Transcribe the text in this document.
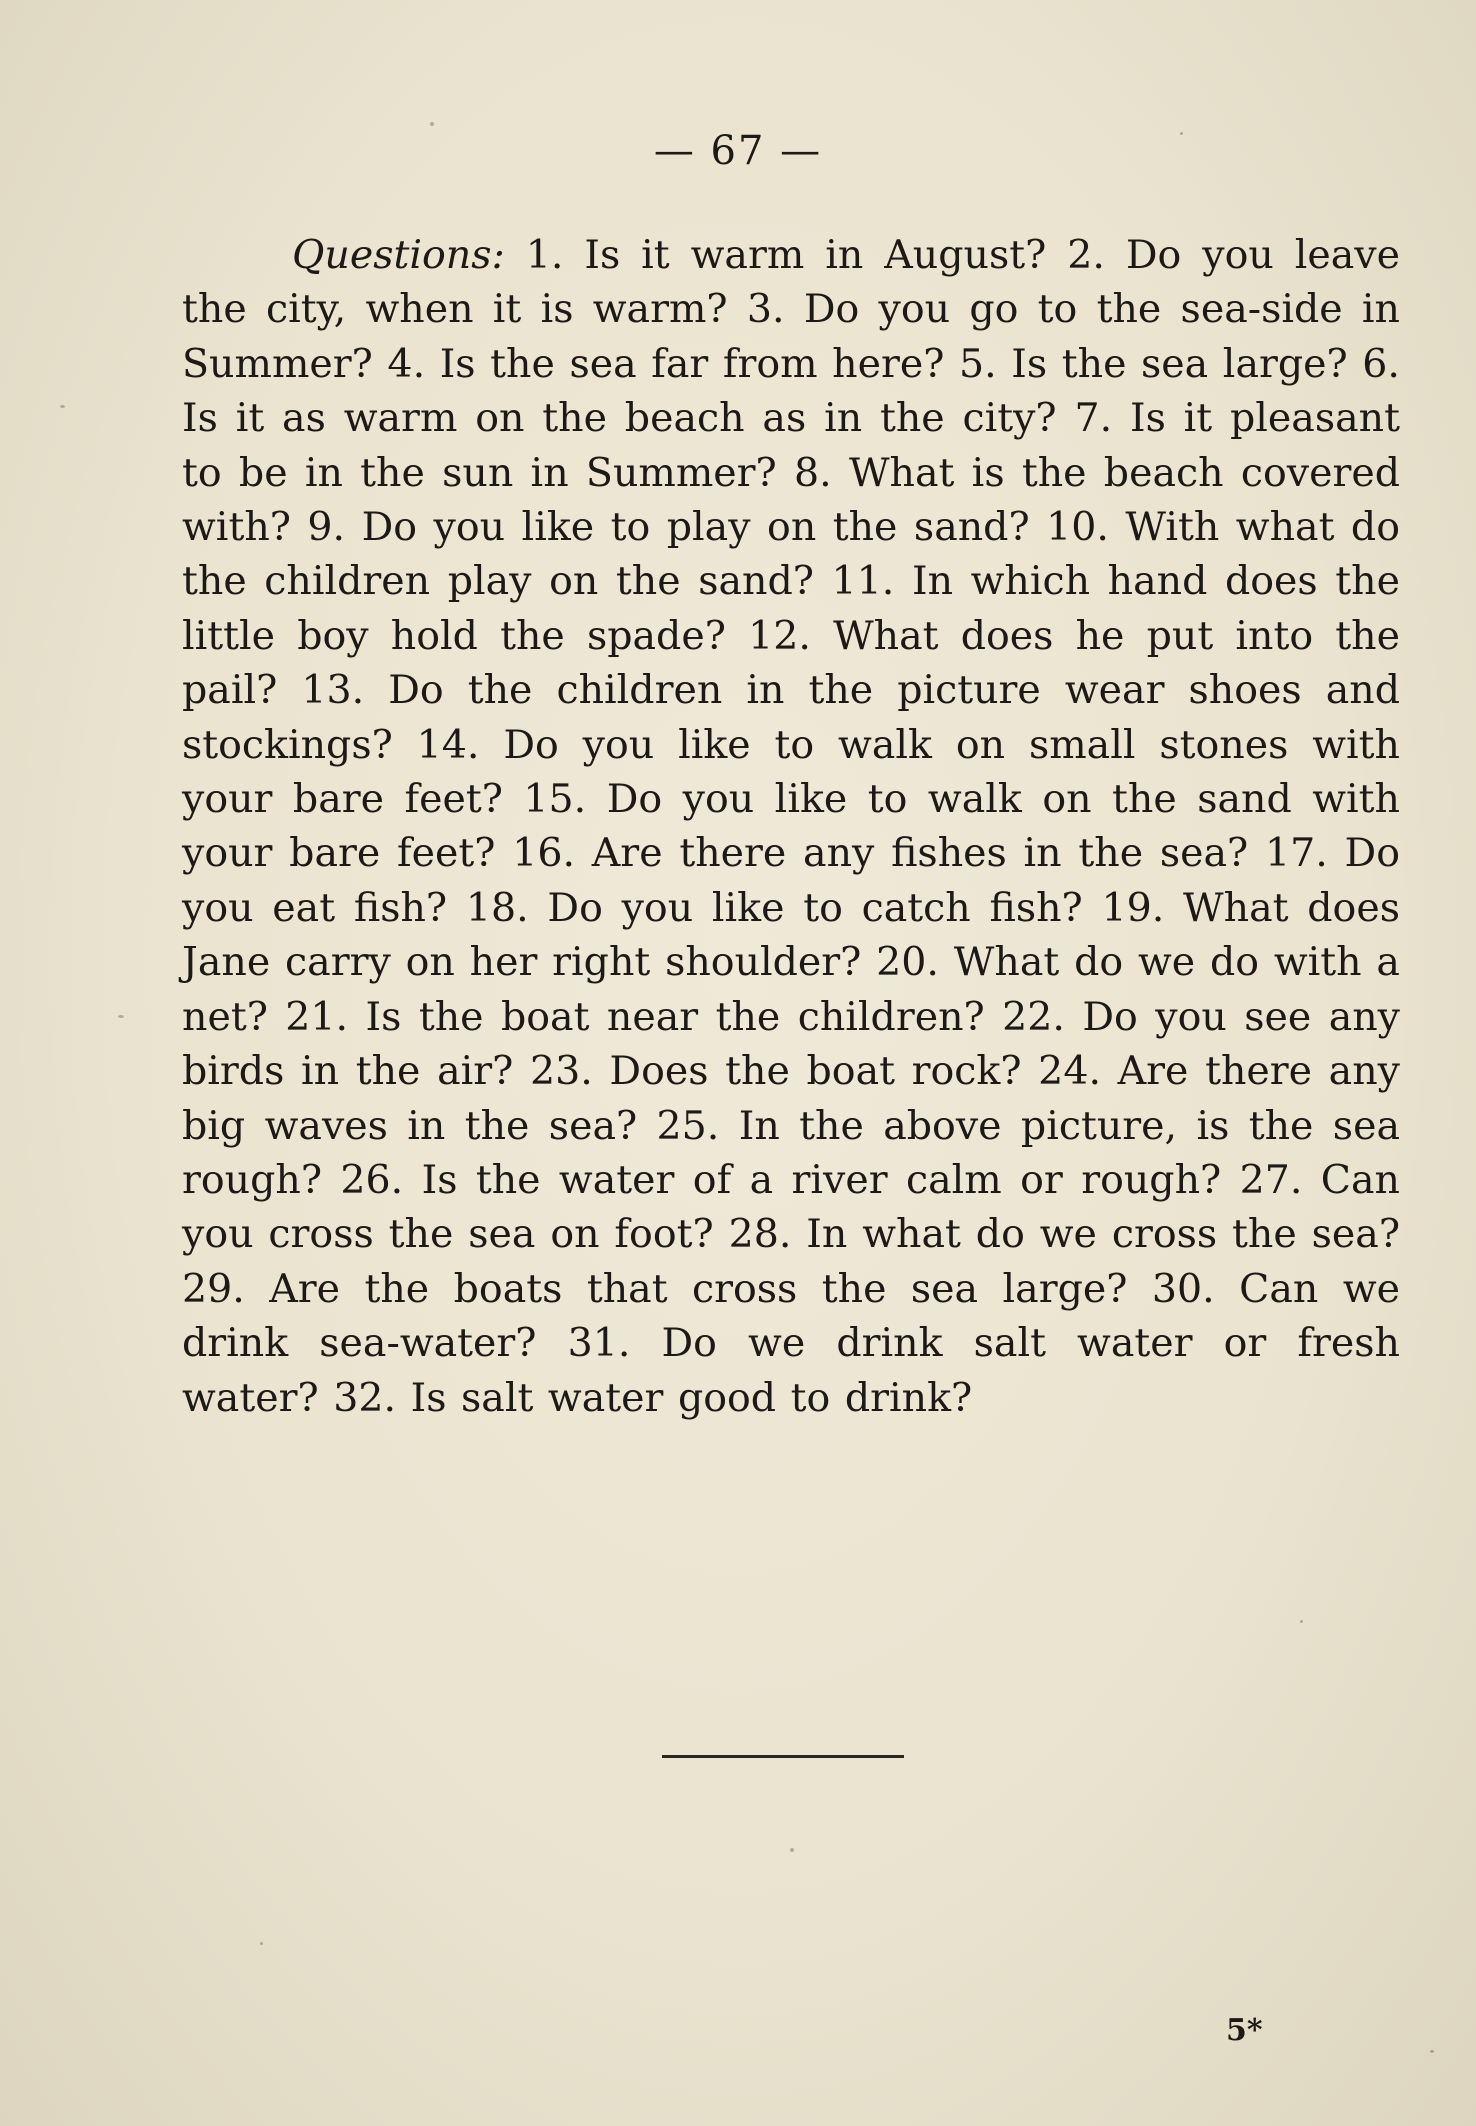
— 67 —

Questions: 1. Is it warm in August? 2. Do you leave the city, when it is warm? 3. Do you go to the sea-side in Summer? 4. Is the sea far from here? 5. Is the sea large? 6. Is it as warm on the beach as in the city? 7. Is it pleasant to be in the sun in Summer? 8. What is the beach covered with? 9. Do you like to play on the sand? 10. With what do the children play on the sand? 11. In which hand does the little boy hold the spade? 12. What does he put into the pail? 13. Do the children in the picture wear shoes and stockings? 14. Do you like to walk on small stones with your bare feet? 15. Do you like to walk on the sand with your bare feet? 16. Are there any fishes in the sea? 17. Do you eat fish? 18. Do you like to catch fish? 19. What does Jane carry on her right shoulder? 20. What do we do with a net? 21. Is the boat near the children? 22. Do you see any birds in the air? 23. Does the boat rock? 24. Are there any big waves in the sea? 25. In the above picture, is the sea rough? 26. Is the water of a river calm or rough? 27. Can you cross the sea on foot? 28. In what do we cross the sea? 29. Are the boats that cross the sea large? 30. Can we drink sea-water? 31. Do we drink salt water or fresh water? 32. Is salt water good to drink?

5*
